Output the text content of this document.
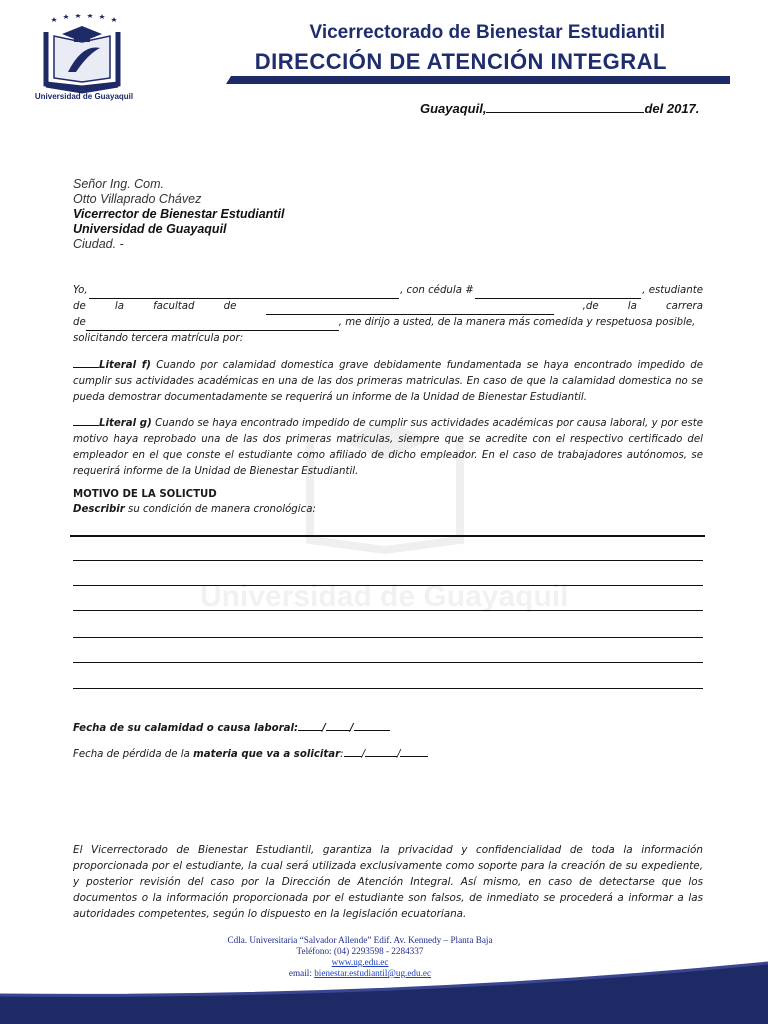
Universidad de Guayaquil
Vicerrectorado de Bienestar Estudiantil
DIRECCIÓN DE ATENCIÓN INTEGRAL
Guayaquil,	del 2017.
Señor Ing. Com.
Otto Villaprado Chávez
Vicerrector de Bienestar Estudiantil
Universidad de Guayaquil
Ciudad. -
Universidad de Guayaquil
Yo,	, con cédula #	, estudiante
de	la	facultad	de	,de	la	carrera
de	, me dirijo a usted, de la manera más comedida y respetuosa posible,
solicitando tercera matrícula por:
Literal f) Cuando por calamidad domestica grave debidamente fundamentada se haya encontrado impedido de cumplir sus actividades académicas en una de las dos primeras matriculas. En caso de que la calamidad domestica no se pueda demostrar documentadamente se requerirá un informe de la Unidad de Bienestar Estudiantil.
Literal g) Cuando se haya encontrado impedido de cumplir sus actividades académicas por causa laboral, y por este motivo haya reprobado una de las dos primeras matriculas, siempre que se acredite con el respectivo certificado del empleador en el que conste el estudiante como afiliado de dicho empleador. En el caso de trabajadores autónomos, se requerirá informe de la Unidad de Bienestar Estudiantil.
MOTIVO DE LA SOLICTUD
Describir su condición de manera cronológica:
Fecha de su calamidad o causa laboral: / /
Fecha de pérdida de la materia que va a solicitar: /	/
El Vicerrectorado de Bienestar Estudiantil, garantiza la privacidad y confidencialidad de toda la información proporcionada por el estudiante, la cual será utilizada exclusivamente como soporte para la creación de su expediente, y posterior revisión del caso por la Dirección de Atención Integral. Así mismo, en caso de detectarse que los documentos o la información proporcionada por el estudiante son falsos, de inmediato se procederá a informar a las autoridades competentes, según lo dispuesto en la legislación ecuatoriana.
Cdla. Universitaria “Salvador Allende” Edif. Av. Kennedy – Planta Baja
Teléfono: (04) 2293598 - 2284337
www.ug.edu.ec
email: bienestar.estudiantil@ug.edu.ec
